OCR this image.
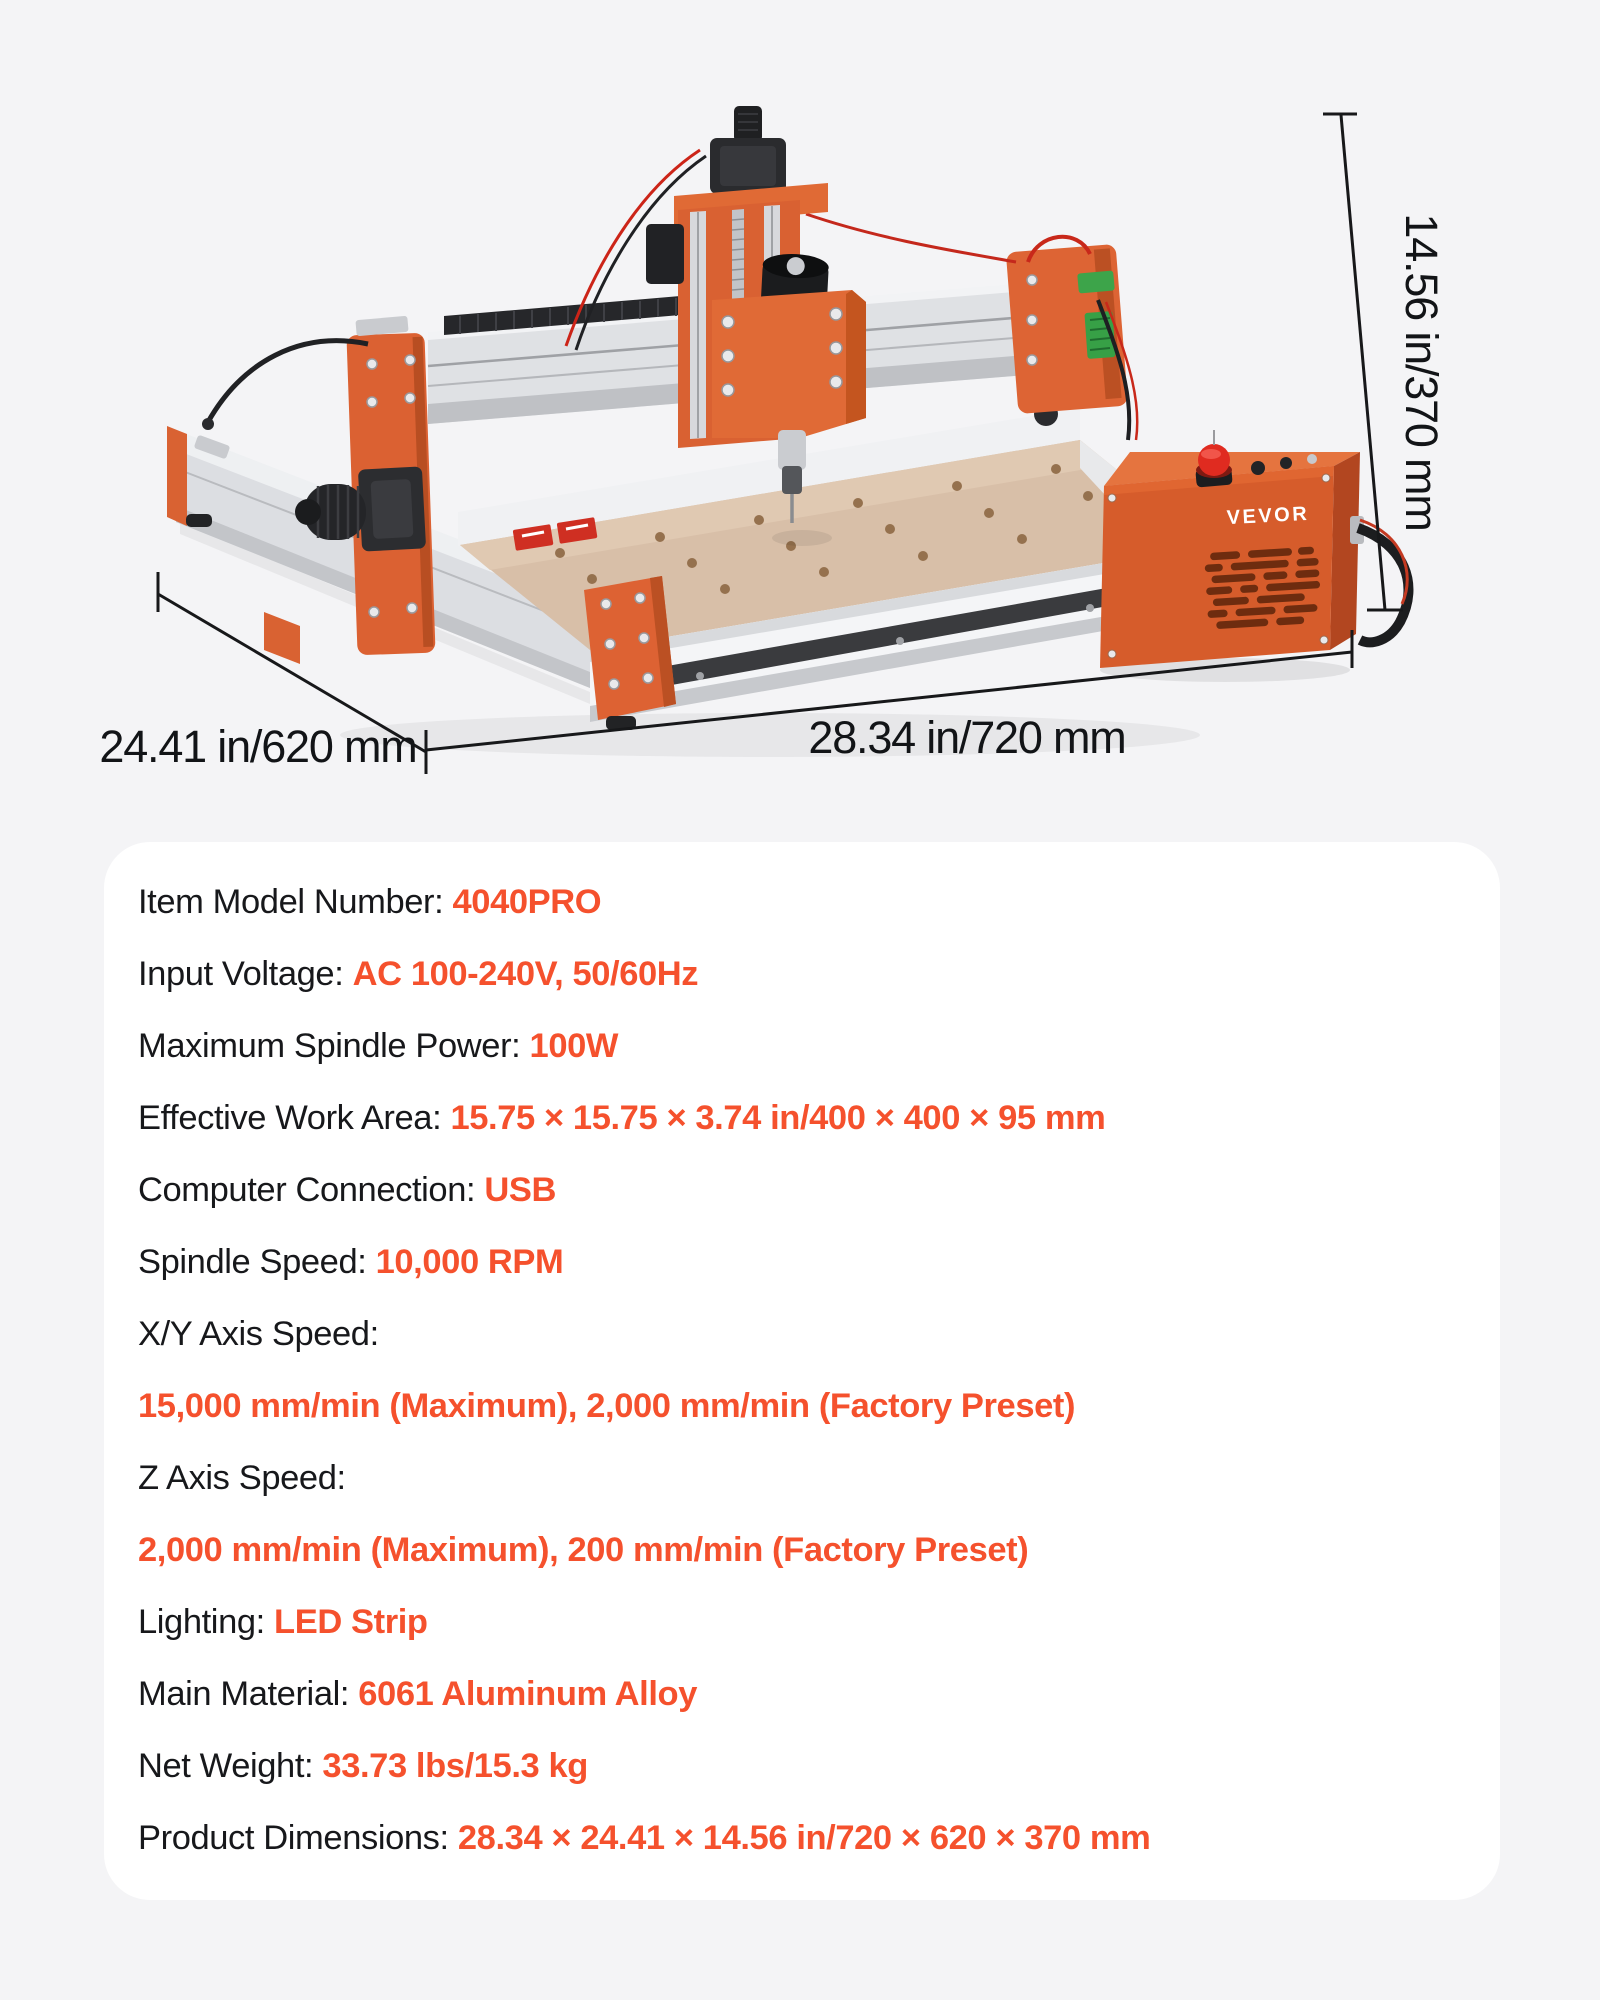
VEVOR
24.41 in/620 mm	28.34 in/720 mm
14.56 in/370 mm
Item Model Number: 4040PRO
Input Voltage: AC 100-240V, 50/60Hz
Maximum Spindle Power: 100W
Effective Work Area: 15.75 × 15.75 × 3.74 in/400 × 400 × 95 mm
Computer Connection: USB
Spindle Speed: 10,000 RPM
X/Y Axis Speed:
15,000 mm/min (Maximum), 2,000 mm/min (Factory Preset)
Z Axis Speed:
2,000 mm/min (Maximum), 200 mm/min (Factory Preset)
Lighting: LED Strip
Main Material: 6061 Aluminum Alloy
Net Weight: 33.73 lbs/15.3 kg
Product Dimensions: 28.34 × 24.41 × 14.56 in/720 × 620 × 370 mm
